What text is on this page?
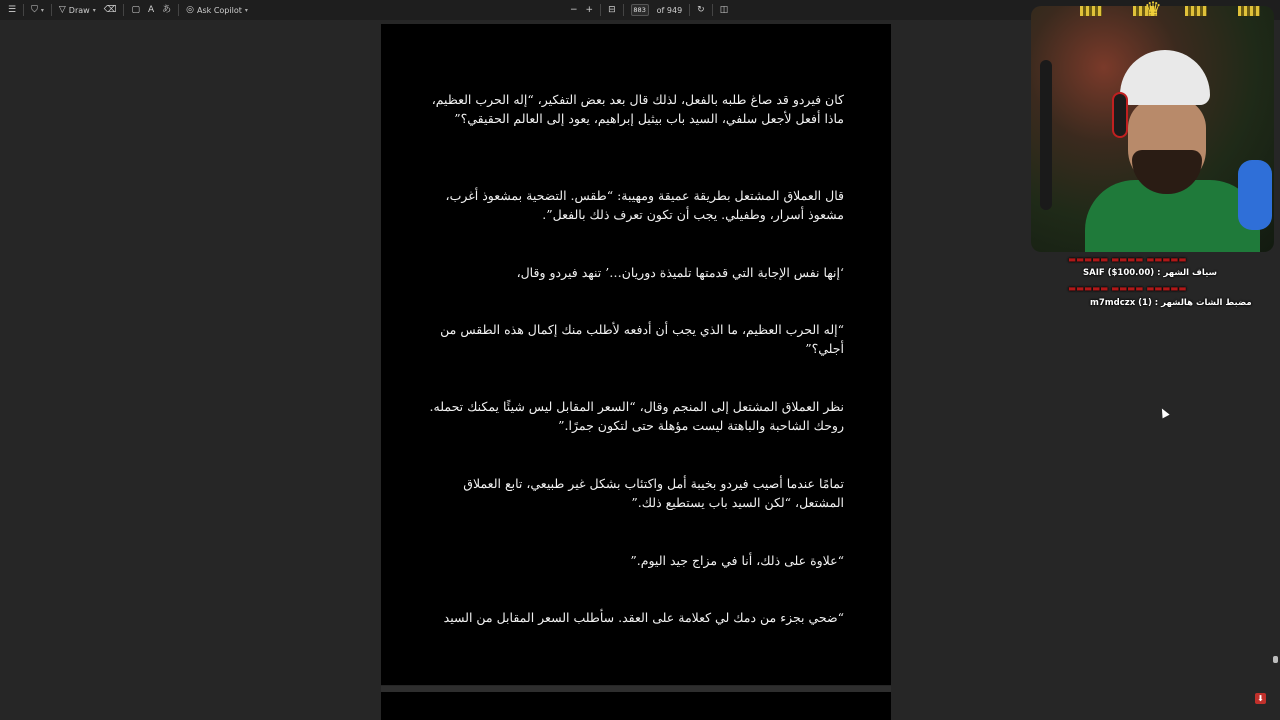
☰ ⛉ ▾ ▽ Draw ▾ ⌫ ▢ A あ ◎ Ask Copilot ▾	− + ⊟	883	of 949	↻ ◫

كان فيردو قد صاغ طلبه بالفعل، لذلك قال بعد بعض التفكير، “إله الحرب العظيم، ماذا أفعل لأجعل سلفي، السيد باب بيثيل إبراهيم، يعود إلى العالم الحقيقي؟”

قال العملاق المشتعل بطريقة عميقة ومهيبة: “طقس. التضحية بمشعوذ أغرب، مشعوذ أسرار، وطفيلي. يجب أن تكون تعرف ذلك بالفعل”.

‘إنها نفس الإجابة التي قدمتها تلميذة دوريان…’ تنهد فيردو وقال،

“إله الحرب العظيم، ما الذي يجب أن أدفعه لأطلب منك إكمال هذه الطقس من أجلي؟”

نظر العملاق المشتعل إلى المنجم وقال، “السعر المقابل ليس شيئًا يمكنك تحمله. روحك الشاحبة والباهتة ليست مؤهلة حتى لتكون جمرًا.”

تمامًا عندما أصيب فيردو بخيبة أمل واكتئاب بشكل غير طبيعي، تابع العملاق المشتعل، “لكن السيد باب يستطيع ذلك.”

“علاوة على ذلك، أنا في مزاج جيد اليوم.”

“ضحي بجزء من دمك لي كعلامة على العقد. سأطلب السعر المقابل من السيد

⬇
♛
▬▬▬▬▬ ▬▬▬▬ ▬▬▬▬▬
SAIF ($100.00) : سياف الشهر
▬▬▬▬▬ ▬▬▬▬ ▬▬▬▬▬
m7mdczx (1) : مضبط الشات هالشهر
